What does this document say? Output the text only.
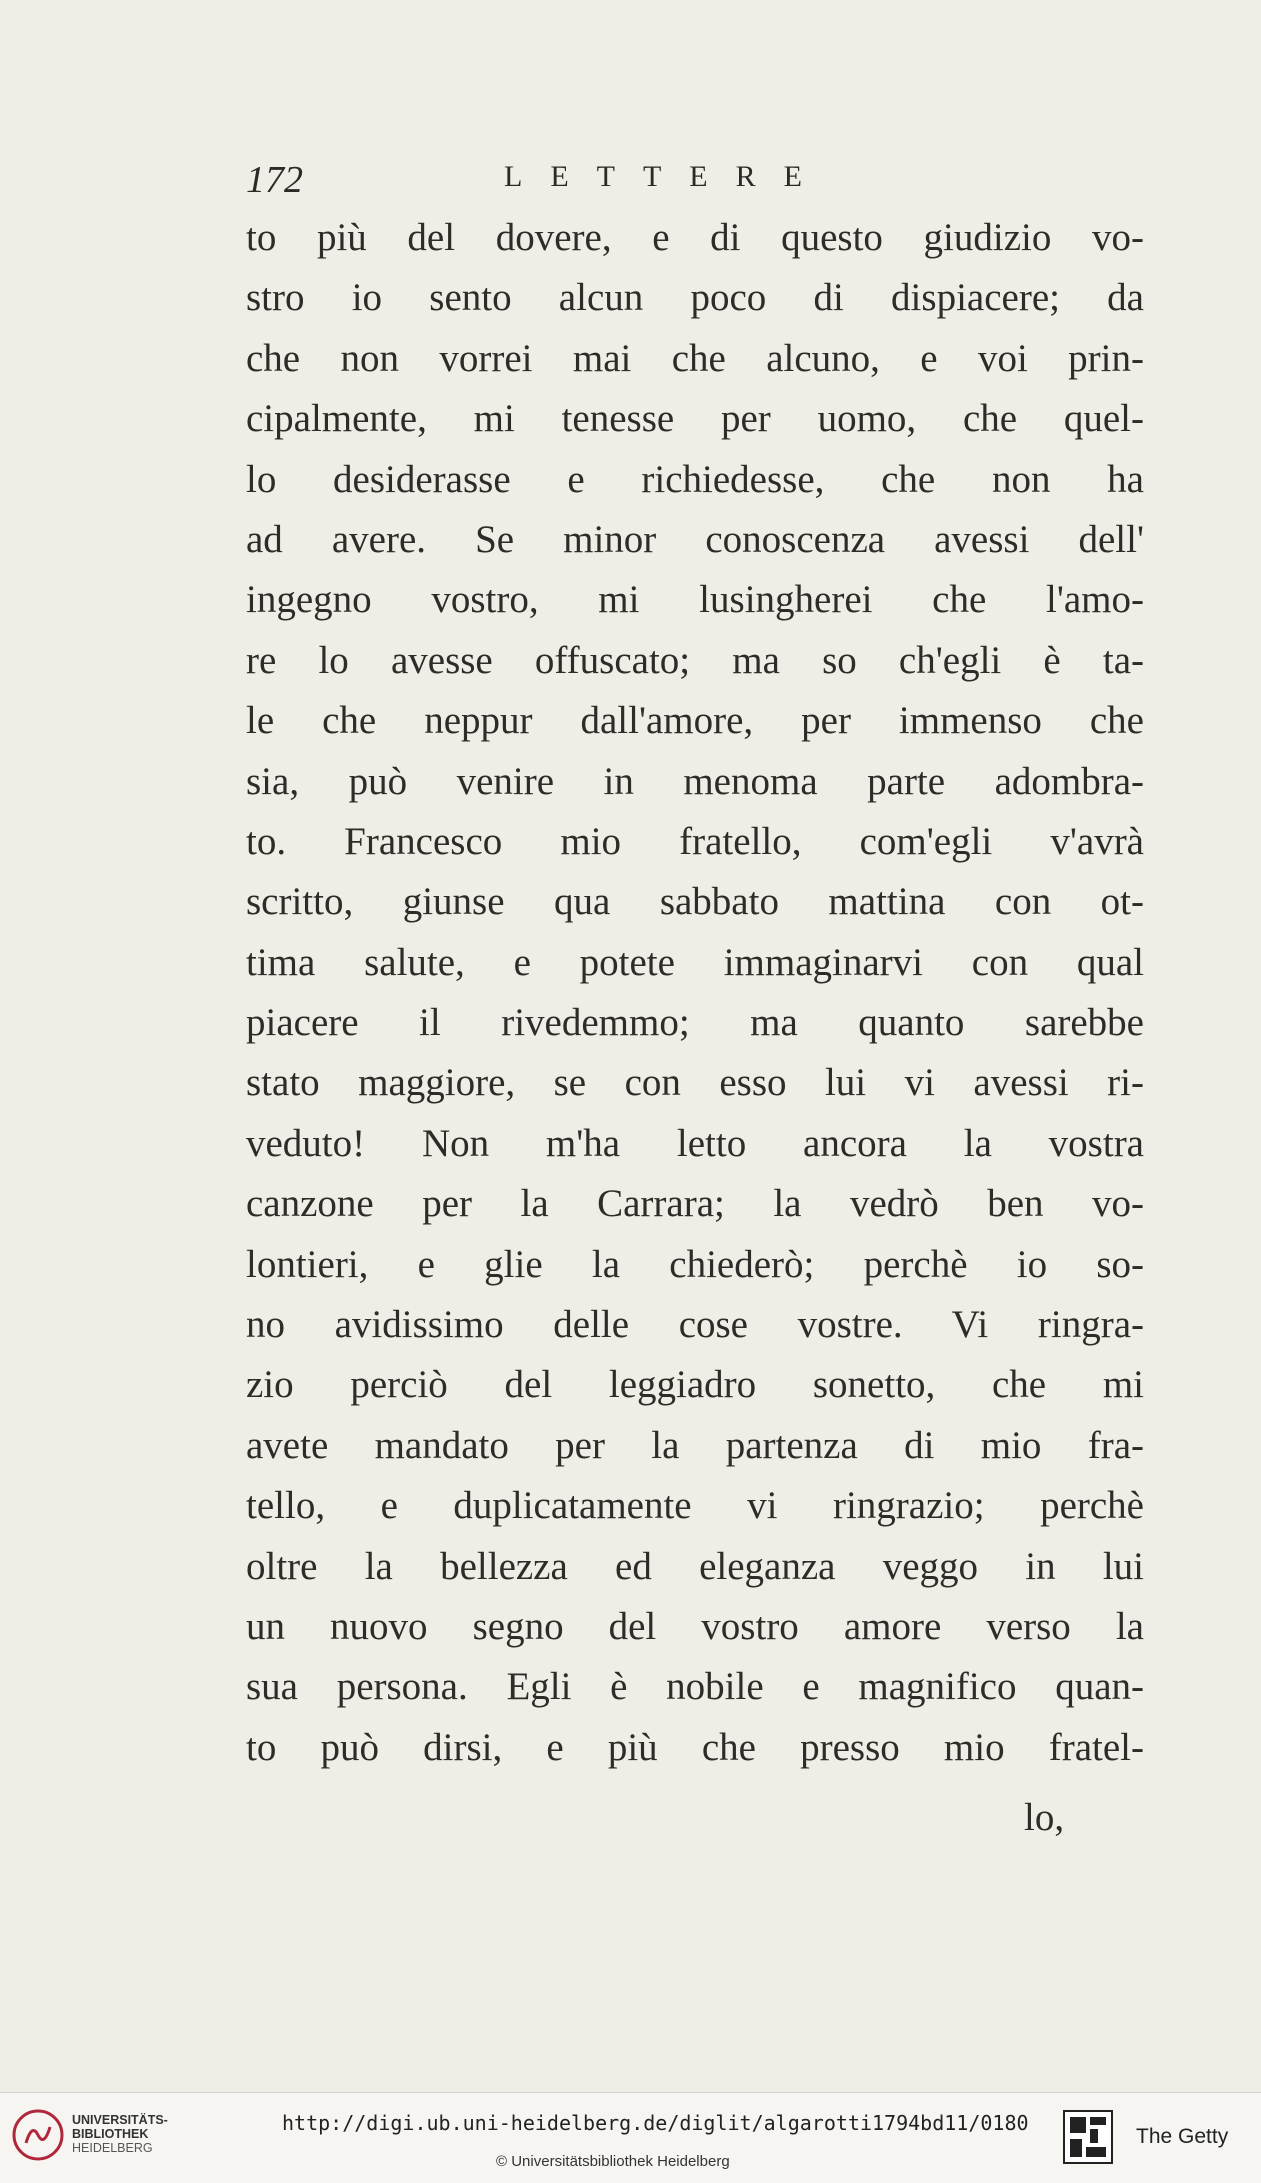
172	LETTERE
to più del dovere, e di questo giudizio vo-
stro io sento alcun poco di dispiacere; da
che non vorrei mai che alcuno, e voi prin-
cipalmente, mi tenesse per uomo, che quel-
lo desiderasse e richiedesse, che non ha
ad avere. Se minor conoscenza avessi dell'
ingegno vostro, mi lusingherei che l'amo-
re lo avesse offuscato; ma so ch'egli è ta-
le che neppur dall'amore, per immenso che
sia, può venire in menoma parte adombra-
to. Francesco mio fratello, com'egli v'avrà
scritto, giunse qua sabbato mattina con ot-
tima salute, e potete immaginarvi con qual
piacere il rivedemmo; ma quanto sarebbe
stato maggiore, se con esso lui vi avessi ri-
veduto! Non m'ha letto ancora la vostra
canzone per la Carrara; la vedrò ben vo-
lontieri, e glie la chiederò; perchè io so-
no avidissimo delle cose vostre. Vi ringra-
zio perciò del leggiadro sonetto, che mi
avete mandato per la partenza di mio fra-
tello, e duplicatamente vi ringrazio; perchè
oltre la bellezza ed eleganza veggo in lui
un nuovo segno del vostro amore verso la
sua persona. Egli è nobile e magnifico quan-
to può dirsi, e più che presso mio fratel-
lo,
UNIVERSITÄTS-
BIBLIOTHEK
HEIDELBERG
http://digi.ub.uni-heidelberg.de/diglit/algarotti1794bd11/0180
© Universitätsbibliothek Heidelberg
The Getty
